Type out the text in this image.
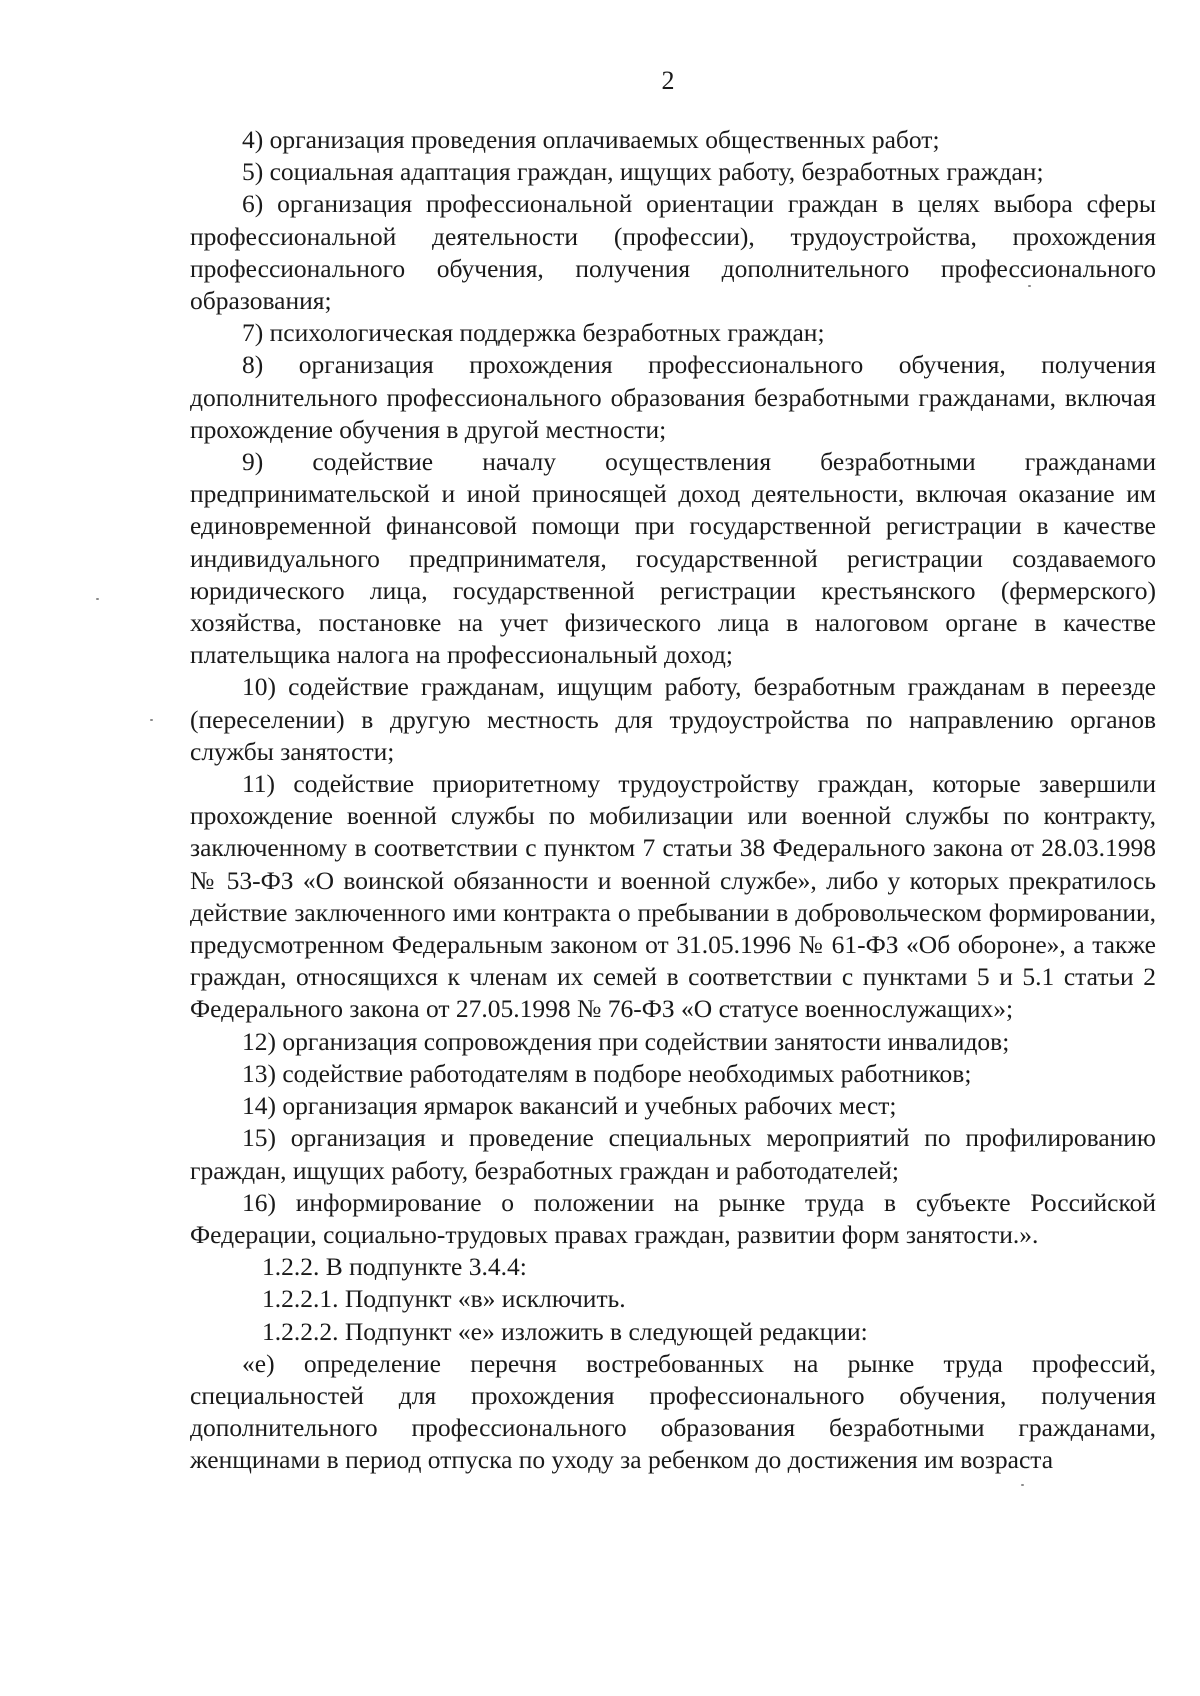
2

4) организация проведения оплачиваемых общественных работ;

5) социальная адаптация граждан, ищущих работу, безработных граждан;

6) организация профессиональной ориентации граждан в целях выбора сферы профессиональной деятельности (профессии), трудоустройства, прохождения профессионального обучения, получения дополнительного профессионального образования;

7) психологическая поддержка безработных граждан;

8) организация прохождения профессионального обучения, получения дополнительного профессионального образования безработными гражданами, включая прохождение обучения в другой местности;

9) содействие началу осуществления безработными гражданами предпринимательской и иной приносящей доход деятельности, включая оказание им единовременной финансовой помощи при государственной регистрации в качестве индивидуального предпринимателя, государственной регистрации создаваемого юридического лица, государственной регистрации крестьянского (фермерского) хозяйства, постановке на учет физического лица в налоговом органе в качестве плательщика налога на профессиональный доход;

10) содействие гражданам, ищущим работу, безработным гражданам в переезде (переселении) в другую местность для трудоустройства по направлению органов службы занятости;

11) содействие приоритетному трудоустройству граждан, которые завершили прохождение военной службы по мобилизации или военной службы по контракту, заключенному в соответствии с пунктом 7 статьи 38 Федерального закона от 28.03.1998 № 53-ФЗ «О воинской обязанности и военной службе», либо у которых прекратилось действие заключенного ими контракта о пребывании в добровольческом формировании, предусмотренном Федеральным законом от 31.05.1996 № 61-ФЗ «Об обороне», а также граждан, относящихся к членам их семей в соответствии с пунктами 5 и 5.1 статьи 2 Федерального закона от 27.05.1998 № 76-ФЗ «О статусе военнослужащих»;

12) организация сопровождения при содействии занятости инвалидов;

13) содействие работодателям в подборе необходимых работников;

14) организация ярмарок вакансий и учебных рабочих мест;

15) организация и проведение специальных мероприятий по профилированию граждан, ищущих работу, безработных граждан и работодателей;

16) информирование о положении на рынке труда в субъекте Российской Федерации, социально-трудовых правах граждан, развитии форм занятости.».

1.2.2. В подпункте 3.4.4:

1.2.2.1. Подпункт «в» исключить.

1.2.2.2. Подпункт «е» изложить в следующей редакции:

«е) определение перечня востребованных на рынке труда профессий, специальностей для прохождения профессионального обучения, получения дополнительного профессионального образования безработными гражданами, женщинами в период отпуска по уходу за ребенком до достижения им возраста
